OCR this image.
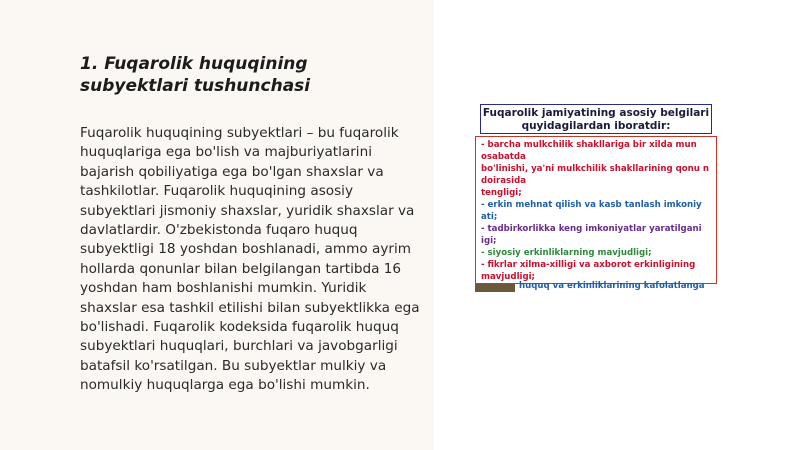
1. Fuqarolik huquqining subyektlari tushunchasi
Fuqarolik huquqining subyektlari – bu fuqarolik huquqlariga ega bo'lish va majburiyatlarini bajarish qobiliyatiga ega bo'lgan shaxslar va tashkilotlar. Fuqarolik huquqining asosiy subyektlari jismoniy shaxslar, yuridik shaxslar va davlatlardir. O'zbekistonda fuqaro huquq subyektligi 18 yoshdan boshlanadi, ammo ayrim hollarda qonunlar bilan belgilangan tartibda 16 yoshdan ham boshlanishi mumkin. Yuridik shaxslar esa tashkil etilishi bilan subyektlikka ega bo'lishadi. Fuqarolik kodeksida fuqarolik huquq subyektlari huquqlari, burchlari va javobgarligi batafsil ko'rsatilgan. Bu subyektlar mulkiy va nomulkiy huquqlarga ega bo'lishi mumkin.
Fuqarolik jamiyatining asosiy belgilari quyidagilardan iboratdir:
- barcha mulkchilik shakllariga bir xilda mun osabatda
bo'linishi, ya'ni mulkchilik shakllarining qonu n doirasida
tengligi;
- erkin mehnat qilish va kasb tanlash imkoniy ati;
- tadbirkorlikka keng imkoniyatlar yaratilgani igi;
- siyosiy erkinliklarning mavjudligi;
- fikrlar xilma-xilligi va axborot erkinligining mavjudligi;
huquq va erkinliklarining kafolatlanga
